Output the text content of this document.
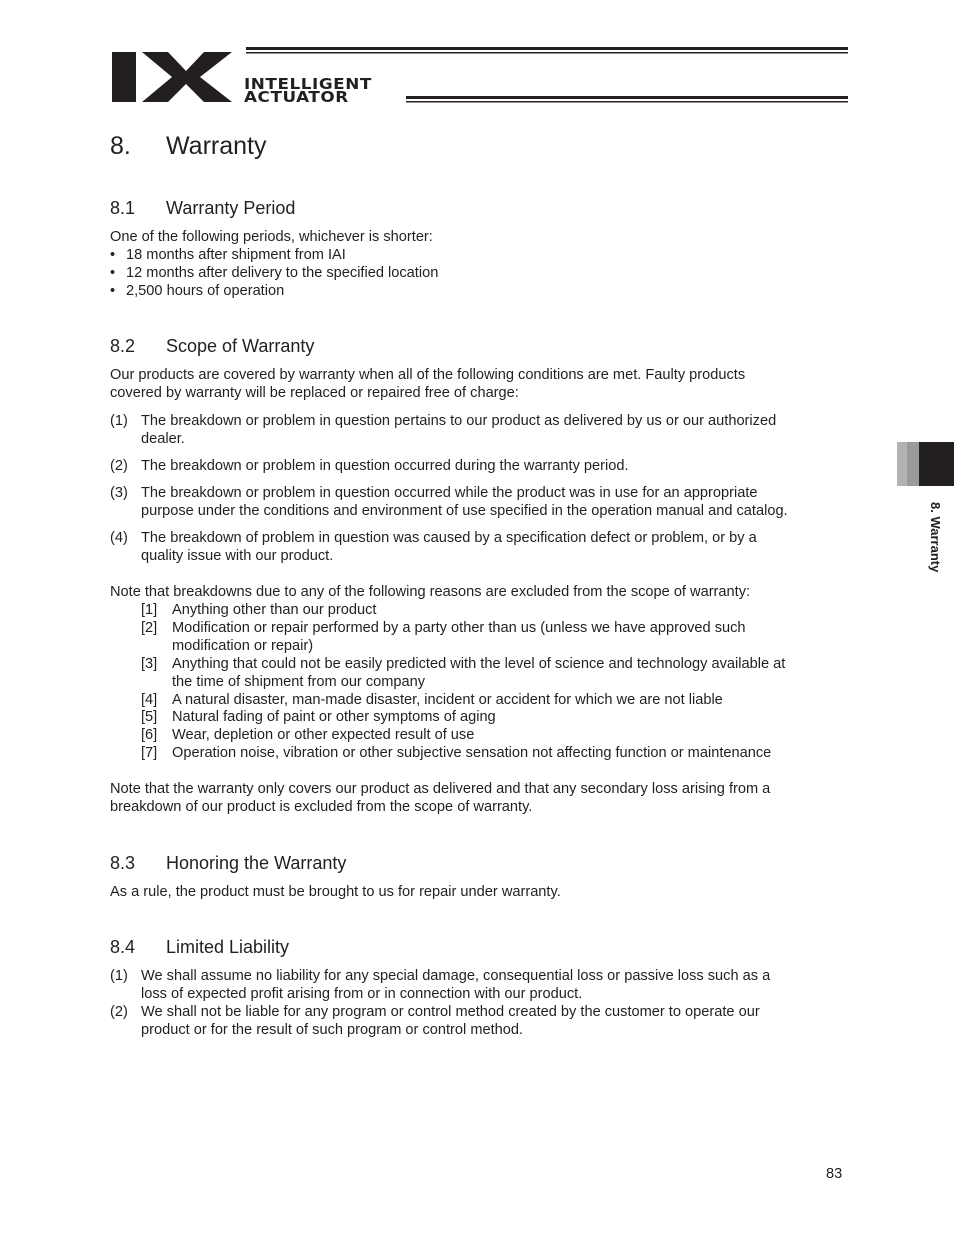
INTELLIGENT
ACTUATOR
8. Warranty
8.1 Warranty Period
One of the following periods, whichever is shorter:
• 18 months after shipment from IAI
• 12 months after delivery to the specified location
• 2,500 hours of operation
8.2 Scope of Warranty
Our products are covered by warranty when all of the following conditions are met. Faulty products
covered by warranty will be replaced or repaired free of charge:
(1) The breakdown or problem in question pertains to our product as delivered by us or our authorized
dealer.
(2) The breakdown or problem in question occurred during the warranty period.
(3) The breakdown or problem in question occurred while the product was in use for an appropriate
purpose under the conditions and environment of use specified in the operation manual and catalog.
(4) The breakdown of problem in question was caused by a specification defect or problem, or by a
quality issue with our product.
Note that breakdowns due to any of the following reasons are excluded from the scope of warranty:
[1] Anything other than our product
[2] Modification or repair performed by a party other than us (unless we have approved such
modification or repair)
[3] Anything that could not be easily predicted with the level of science and technology available at
the time of shipment from our company
[4] A natural disaster, man-made disaster, incident or accident for which we are not liable
[5] Natural fading of paint or other symptoms of aging
[6] Wear, depletion or other expected result of use
[7] Operation noise, vibration or other subjective sensation not affecting function or maintenance
Note that the warranty only covers our product as delivered and that any secondary loss arising from a
breakdown of our product is excluded from the scope of warranty.
8.3 Honoring the Warranty
As a rule, the product must be brought to us for repair under warranty.
8.4 Limited Liability
(1) We shall assume no liability for any special damage, consequential loss or passive loss such as a
loss of expected profit arising from or in connection with our product.
(2) We shall not be liable for any program or control method created by the customer to operate our
product or for the result of such program or control method.
8. Warranty
83
